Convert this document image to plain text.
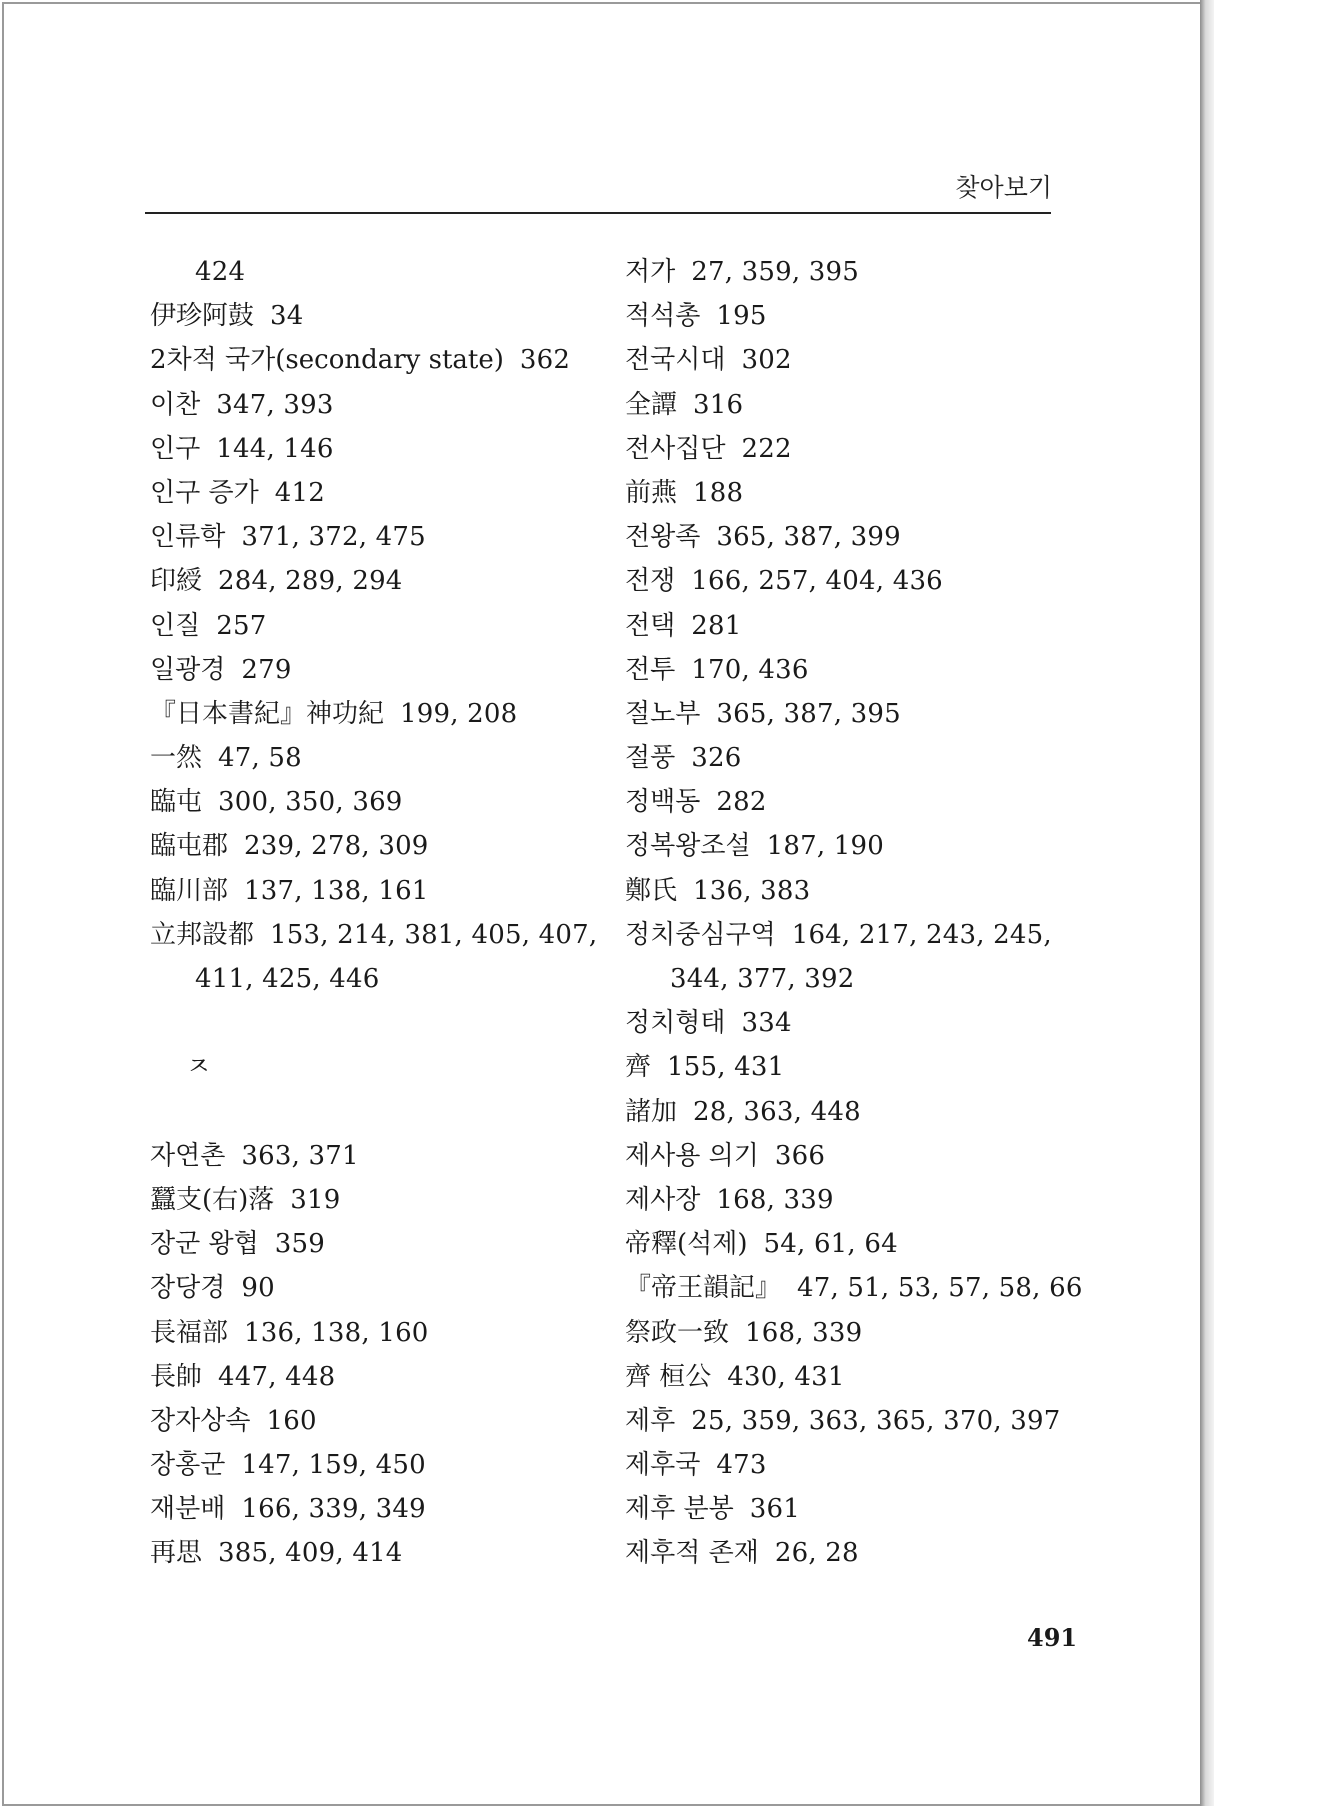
찾아보기
424
伊珍阿鼓 34
2차적 국가(secondary state) 362
이찬 347, 393
인구 144, 146
인구 증가 412
인류학 371, 372, 475
印綬 284, 289, 294
인질 257
일광경 279
『日本書紀』神功紀 199, 208
一然 47, 58
臨屯 300, 350, 369
臨屯郡 239, 278, 309
臨川部 137, 138, 161
立邦設都 153, 214, 381, 405, 407,
411, 425, 446
ㅈ
자연촌 363, 371
蠶支(右)落 319
장군 왕협 359
장당경 90
長福部 136, 138, 160
長帥 447, 448
장자상속 160
장홍군 147, 159, 450
재분배 166, 339, 349
再思 385, 409, 414
저가 27, 359, 395
적석총 195
전국시대 302
全譚 316
전사집단 222
前燕 188
전왕족 365, 387, 399
전쟁 166, 257, 404, 436
전택 281
전투 170, 436
절노부 365, 387, 395
절풍 326
정백동 282
정복왕조설 187, 190
鄭氏 136, 383
정치중심구역 164, 217, 243, 245,
344, 377, 392
정치형태 334
齊 155, 431
諸加 28, 363, 448
제사용 의기 366
제사장 168, 339
帝釋(석제) 54, 61, 64
『帝王韻記』 47, 51, 53, 57, 58, 66
祭政一致 168, 339
齊 桓公 430, 431
제후 25, 359, 363, 365, 370, 397
제후국 473
제후 분봉 361
제후적 존재 26, 28
491
